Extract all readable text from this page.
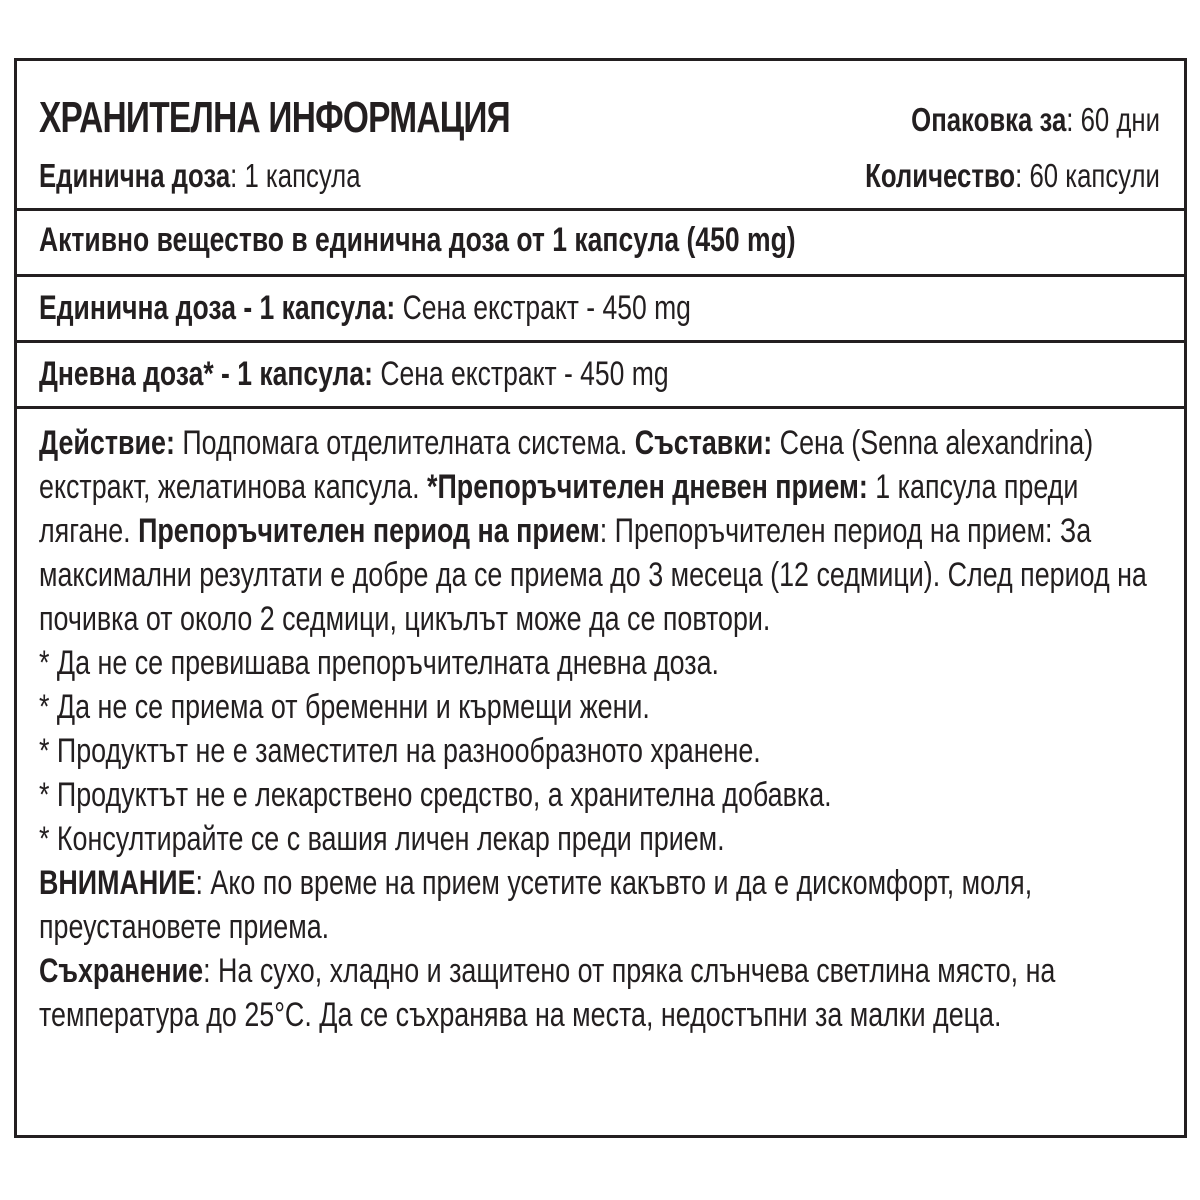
ХРАНИТЕЛНА ИНФОРМАЦИЯ
Единична доза: 1 капсула
Опаковка за: 60 дни
Количество: 60 капсули
Активно вещество в единична доза от 1 капсула (450 mg)
Единична доза - 1 капсула: Сена екстракт - 450 mg
Дневна доза* - 1 капсула: Сена екстракт - 450 mg

Действие: Подпомага отделителната система. Съставки: Сена (Senna alexandrina) екстракт, желатинова капсула. *Препоръчителен дневен прием: 1 капсула преди лягане. Препоръчителен период на прием: Препоръчителен период на прием: За максимални резултати е добре да се приема до 3 месеца (12 седмици). След период на почивка от около 2 седмици, цикълът може да се повтори.

* Да не се превишава препоръчителната дневна доза.
* Да не се приема от бременни и кърмещи жени.
* Продуктът не е заместител на разнообразното хранене.
* Продуктът не е лекарствено средство, а хранителна добавка.
* Консултирайте се с вашия личен лекар преди прием.

ВНИМАНИЕ: Ако по време на прием усетите какъвто и да е дискомфорт, моля, преустановете приема.

Съхранение: На сухо, хладно и защитено от пряка слънчева светлина място, на температура до 25°C. Да се съхранява на места, недостъпни за малки деца.
